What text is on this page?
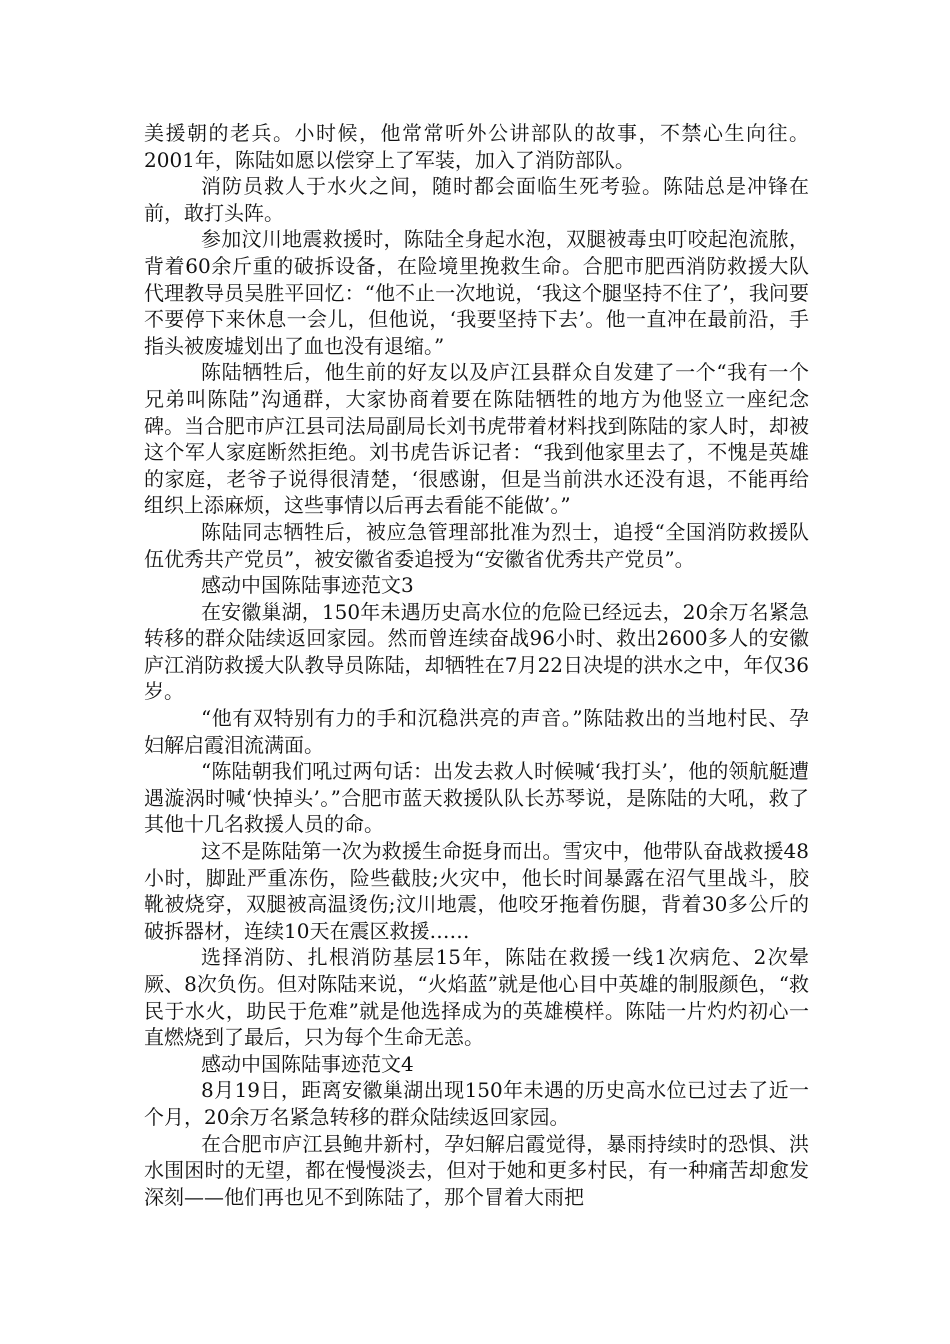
美援朝的老兵。小时候，他常常听外公讲部队的故事，不禁心生向往。2001年，陈陆如愿以偿穿上了军装，加入了消防部队。

消防员救人于水火之间，随时都会面临生死考验。陈陆总是冲锋在前，敢打头阵。

参加汶川地震救援时，陈陆全身起水泡，双腿被毒虫叮咬起泡流脓，背着60余斤重的破拆设备，在险境里挽救生命。合肥市肥西消防救援大队代理教导员吴胜平回忆：“他不止一次地说，‘我这个腿坚持不住了’，我问要不要停下来休息一会儿，但他说，‘我要坚持下去’。他一直冲在最前沿，手指头被废墟划出了血也没有退缩。”

陈陆牺牲后，他生前的好友以及庐江县群众自发建了一个“我有一个兄弟叫陈陆”沟通群，大家协商着要在陈陆牺牲的地方为他竖立一座纪念碑。当合肥市庐江县司法局副局长刘书虎带着材料找到陈陆的家人时，却被这个军人家庭断然拒绝。刘书虎告诉记者：“我到他家里去了，不愧是英雄的家庭，老爷子说得很清楚，‘很感谢，但是当前洪水还没有退，不能再给组织上添麻烦，这些事情以后再去看能不能做’。”

陈陆同志牺牲后，被应急管理部批准为烈士，追授“全国消防救援队伍优秀共产党员”，被安徽省委追授为“安徽省优秀共产党员”。

感动中国陈陆事迹范文3

在安徽巢湖，150年未遇历史高水位的危险已经远去，20余万名紧急转移的群众陆续返回家园。然而曾连续奋战96小时、救出2600多人的安徽庐江消防救援大队教导员陈陆，却牺牲在7月22日决堤的洪水之中，年仅36岁。

“他有双特别有力的手和沉稳洪亮的声音。”陈陆救出的当地村民、孕妇解启霞泪流满面。

“陈陆朝我们吼过两句话：出发去救人时候喊‘我打头’，他的领航艇遭遇漩涡时喊‘快掉头’。”合肥市蓝天救援队队长苏琴说，是陈陆的大吼，救了其他十几名救援人员的命。

这不是陈陆第一次为救援生命挺身而出。雪灾中，他带队奋战救援48小时，脚趾严重冻伤，险些截肢;火灾中，他长时间暴露在沼气里战斗，胶靴被烧穿，双腿被高温烫伤;汶川地震，他咬牙拖着伤腿，背着30多公斤的破拆器材，连续10天在震区救援……

选择消防、扎根消防基层15年，陈陆在救援一线1次病危、2次晕厥、8次负伤。但对陈陆来说，“火焰蓝”就是他心目中英雄的制服颜色，“救民于水火，助民于危难”就是他选择成为的英雄模样。陈陆一片灼灼初心一直燃烧到了最后，只为每个生命无恙。

感动中国陈陆事迹范文4

8月19日，距离安徽巢湖出现150年未遇的历史高水位已过去了近一个月，20余万名紧急转移的群众陆续返回家园。

在合肥市庐江县鲍井新村，孕妇解启霞觉得，暴雨持续时的恐惧、洪水围困时的无望，都在慢慢淡去，但对于她和更多村民，有一种痛苦却愈发深刻——他们再也见不到陈陆了，那个冒着大雨把
